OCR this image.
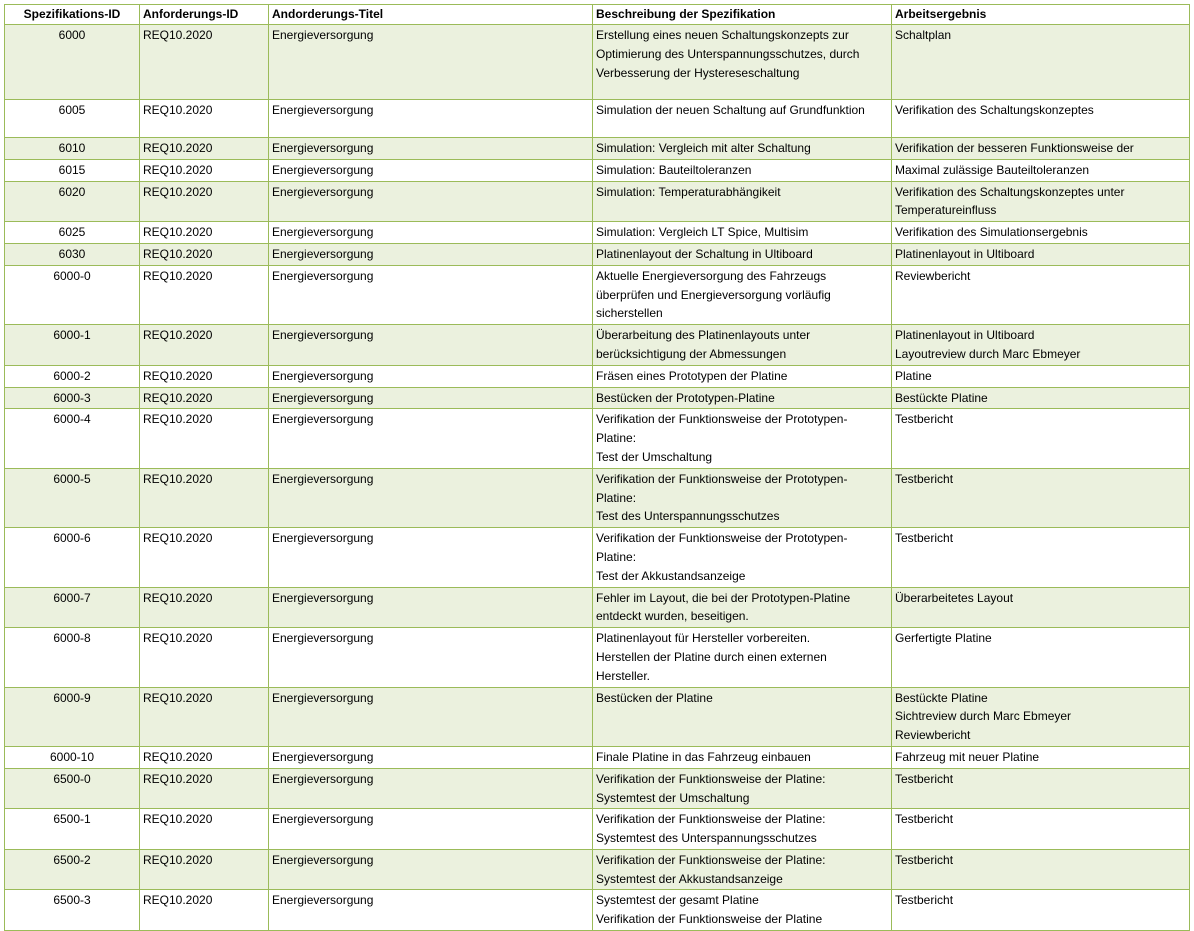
Spezifikations-ID	Anforderungs-ID	Andorderungs-Titel	Beschreibung der Spezifikation	Arbeitsergebnis
6000	REQ10.2020	Energieversorgung	Erstellung eines neuen Schaltungskonzepts zur
Optimierung des Unterspannungsschutzes, durch
Verbesserung der Hystereseschaltung	Schaltplan

6005	REQ10.2020	Energieversorgung	Simulation der neuen Schaltung auf Grundfunktion	Verifikation des Schaltungskonzeptes

6010	REQ10.2020	Energieversorgung	Simulation: Vergleich mit alter Schaltung	Verifikation der besseren Funktionsweise der

6015	REQ10.2020	Energieversorgung	Simulation: Bauteiltoleranzen	Maximal zulässige Bauteiltoleranzen

6020	REQ10.2020	Energieversorgung	Simulation: Temperaturabhängikeit	Verifikation des Schaltungskonzeptes unter
Temperatureinfluss

6025	REQ10.2020	Energieversorgung	Simulation: Vergleich LT Spice, Multisim	Verifikation des Simulationsergebnis

6030	REQ10.2020	Energieversorgung	Platinenlayout der Schaltung in Ultiboard	Platinenlayout in Ultiboard

6000-0	REQ10.2020	Energieversorgung	Aktuelle Energieversorgung des Fahrzeugs
überprüfen und Energieversorgung vorläufig
sicherstellen	Reviewbericht

6000-1	REQ10.2020	Energieversorgung	Überarbeitung des Platinenlayouts unter
berücksichtigung der Abmessungen	Platinenlayout in Ultiboard
Layoutreview durch Marc Ebmeyer

6000-2	REQ10.2020	Energieversorgung	Fräsen eines Prototypen der Platine	Platine

6000-3	REQ10.2020	Energieversorgung	Bestücken der Prototypen-Platine	Bestückte Platine

6000-4	REQ10.2020	Energieversorgung	Verifikation der Funktionsweise der Prototypen-
Platine:
Test der Umschaltung	Testbericht

6000-5	REQ10.2020	Energieversorgung	Verifikation der Funktionsweise der Prototypen-
Platine:
Test des Unterspannungsschutzes	Testbericht

6000-6	REQ10.2020	Energieversorgung	Verifikation der Funktionsweise der Prototypen-
Platine:
Test der Akkustandsanzeige	Testbericht

6000-7	REQ10.2020	Energieversorgung	Fehler im Layout, die bei der Prototypen-Platine
entdeckt wurden, beseitigen.	Überarbeitetes Layout

6000-8	REQ10.2020	Energieversorgung	Platinenlayout für Hersteller vorbereiten.
Herstellen der Platine durch einen externen
Hersteller.	Gerfertigte Platine

6000-9	REQ10.2020	Energieversorgung	Bestücken der Platine	Bestückte Platine
Sichtreview durch Marc Ebmeyer
Reviewbericht

6000-10	REQ10.2020	Energieversorgung	Finale Platine in das Fahrzeug einbauen	Fahrzeug mit neuer Platine

6500-0	REQ10.2020	Energieversorgung	Verifikation der Funktionsweise der Platine:
Systemtest der Umschaltung	Testbericht

6500-1	REQ10.2020	Energieversorgung	Verifikation der Funktionsweise der Platine:
Systemtest des Unterspannungsschutzes	Testbericht

6500-2	REQ10.2020	Energieversorgung	Verifikation der Funktionsweise der Platine:
Systemtest der Akkustandsanzeige	Testbericht

6500-3	REQ10.2020	Energieversorgung	Systemtest der gesamt Platine
Verifikation der Funktionsweise der Platine	Testbericht
